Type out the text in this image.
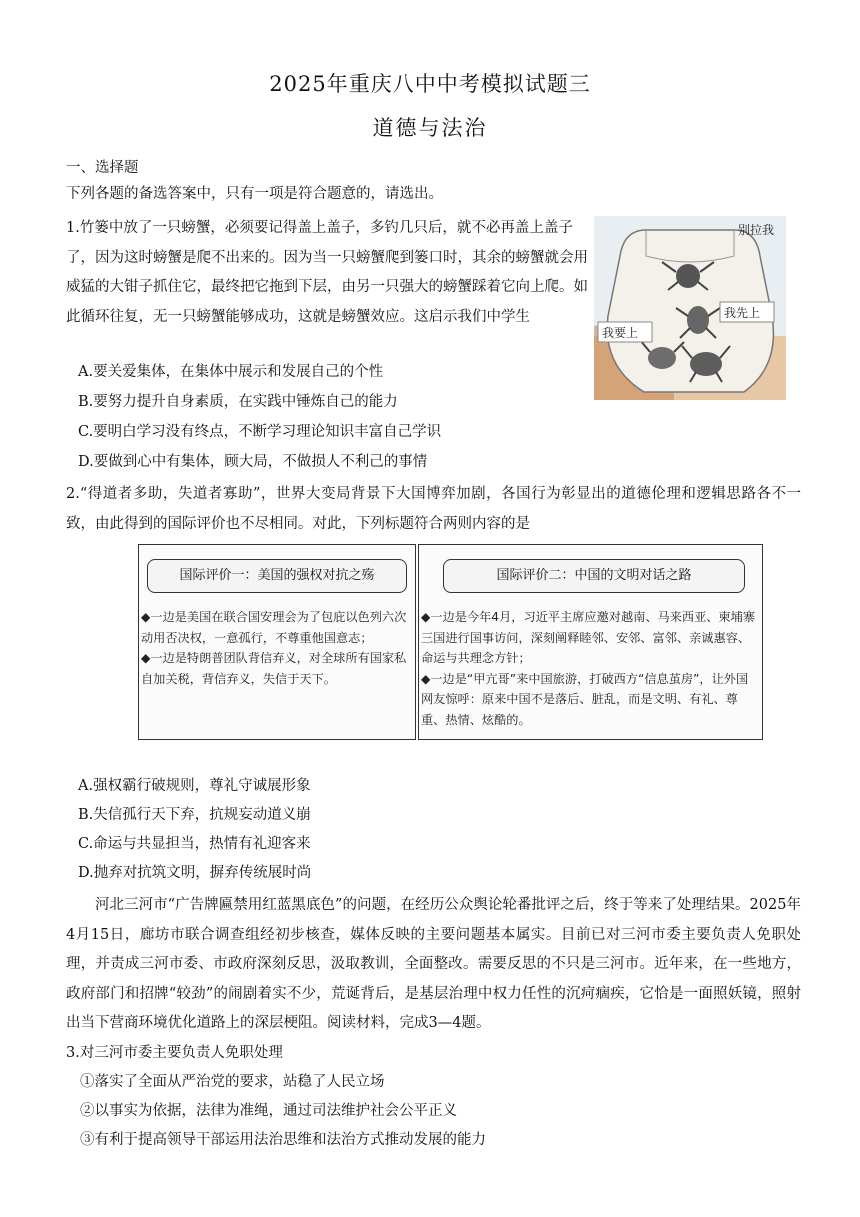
2025年重庆八中中考模拟试题三
道德与法治
一、选择题
下列各题的备选答案中，只有一项是符合题意的，请选出。
1.竹篓中放了一只螃蟹，必须要记得盖上盖子，多钓几只后，就不必再盖上盖子了，因为这时螃蟹是爬不出来的。因为当一只螃蟹爬到篓口时，其余的螃蟹就会用威猛的大钳子抓住它，最终把它拖到下层，由另一只强大的螃蟹踩着它向上爬。如此循环往复，无一只螃蟹能够成功，这就是螃蟹效应。这启示我们中学生
别拉我
我先上
我要上
A.要关爱集体，在集体中展示和发展自己的个性
B.要努力提升自身素质，在实践中锤炼自己的能力
C.要明白学习没有终点，不断学习理论知识丰富自己学识
D.要做到心中有集体，顾大局，不做损人不利己的事情
2.“得道者多助，失道者寡助”，世界大变局背景下大国博弈加剧，各国行为彰显出的道德伦理和逻辑思路各不一致，由此得到的国际评价也不尽相同。对此，下列标题符合两则内容的是
国际评价一：美国的强权对抗之殇

◆一边是美国在联合国安理会为了包庇以色列六次动用否决权，一意孤行，不尊重他国意志；

◆一边是特朗普团队背信弃义，对全球所有国家私自加关税，背信弃义，失信于天下。

国际评价二：中国的文明对话之路

◆一边是今年4月，习近平主席应邀对越南、马来西亚、柬埔寨三国进行国事访问，深刻阐释睦邻、安邻、富邻、亲诚惠容、命运与共理念方针；

◆一边是“甲亢哥”来中国旅游，打破西方“信息茧房”，让外国网友惊呼：原来中国不是落后、脏乱，而是文明、有礼、尊重、热情、炫酷的。

A.强权霸行破规则，尊礼守诚展形象
B.失信孤行天下弃，抗规妄动道义崩
C.命运与共显担当，热情有礼迎客来
D.抛弃对抗筑文明，摒弃传统展时尚
河北三河市“广告牌匾禁用红蓝黑底色”的问题，在经历公众舆论轮番批评之后，终于等来了处理结果。2025年4月15日，廊坊市联合调查组经初步核查，媒体反映的主要问题基本属实。目前已对三河市委主要负责人免职处理，并责成三河市委、市政府深刻反思，汲取教训，全面整改。需要反思的不只是三河市。近年来，在一些地方，政府部门和招牌“较劲”的闹剧着实不少，荒诞背后，是基层治理中权力任性的沉疴痼疾，它恰是一面照妖镜，照射出当下营商环境优化道路上的深层梗阻。阅读材料，完成3—4题。
3.对三河市委主要负责人免职处理
①落实了全面从严治党的要求，站稳了人民立场
②以事实为依据，法律为准绳，通过司法维护社会公平正义
③有利于提高领导干部运用法治思维和法治方式推动发展的能力
